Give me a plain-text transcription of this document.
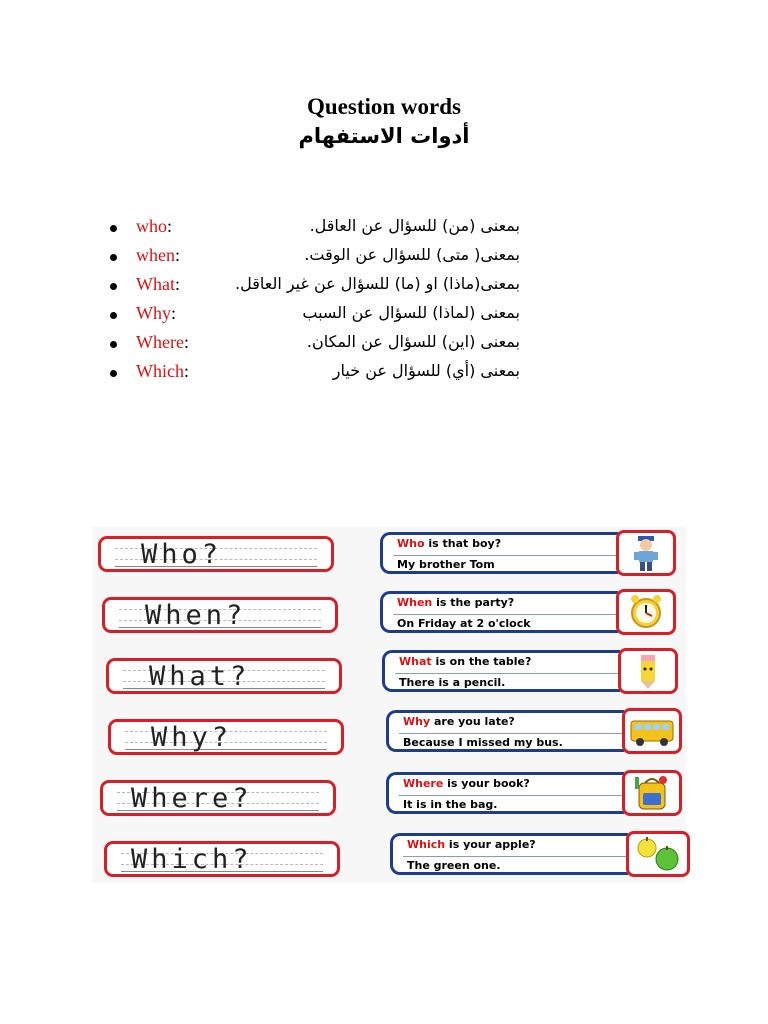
Question words
أدوات الاستفهام
who:	بمعنى (من) للسؤال عن العاقل.
when:	بمعنى( متى) للسؤال عن الوقت.
What:	بمعنى(ماذا) او (ما) للسؤال عن غير العاقل.
Why:	بمعنى (لماذا) للسؤال عن السبب
Where:	بمعنى (اين) للسؤال عن المكان.
Which:	بمعنى (أي) للسؤال عن خيار
Who?	Who is that boy?
My brother Tom
When?	When is the party?
On Friday at 2 o'clock
What?	What is on the table?
There is a pencil.
Why?
Why are you late?
Because I missed my bus.
Where?	Where is your book?
It is in the bag.
Which?	Which is your apple?
The green one.
